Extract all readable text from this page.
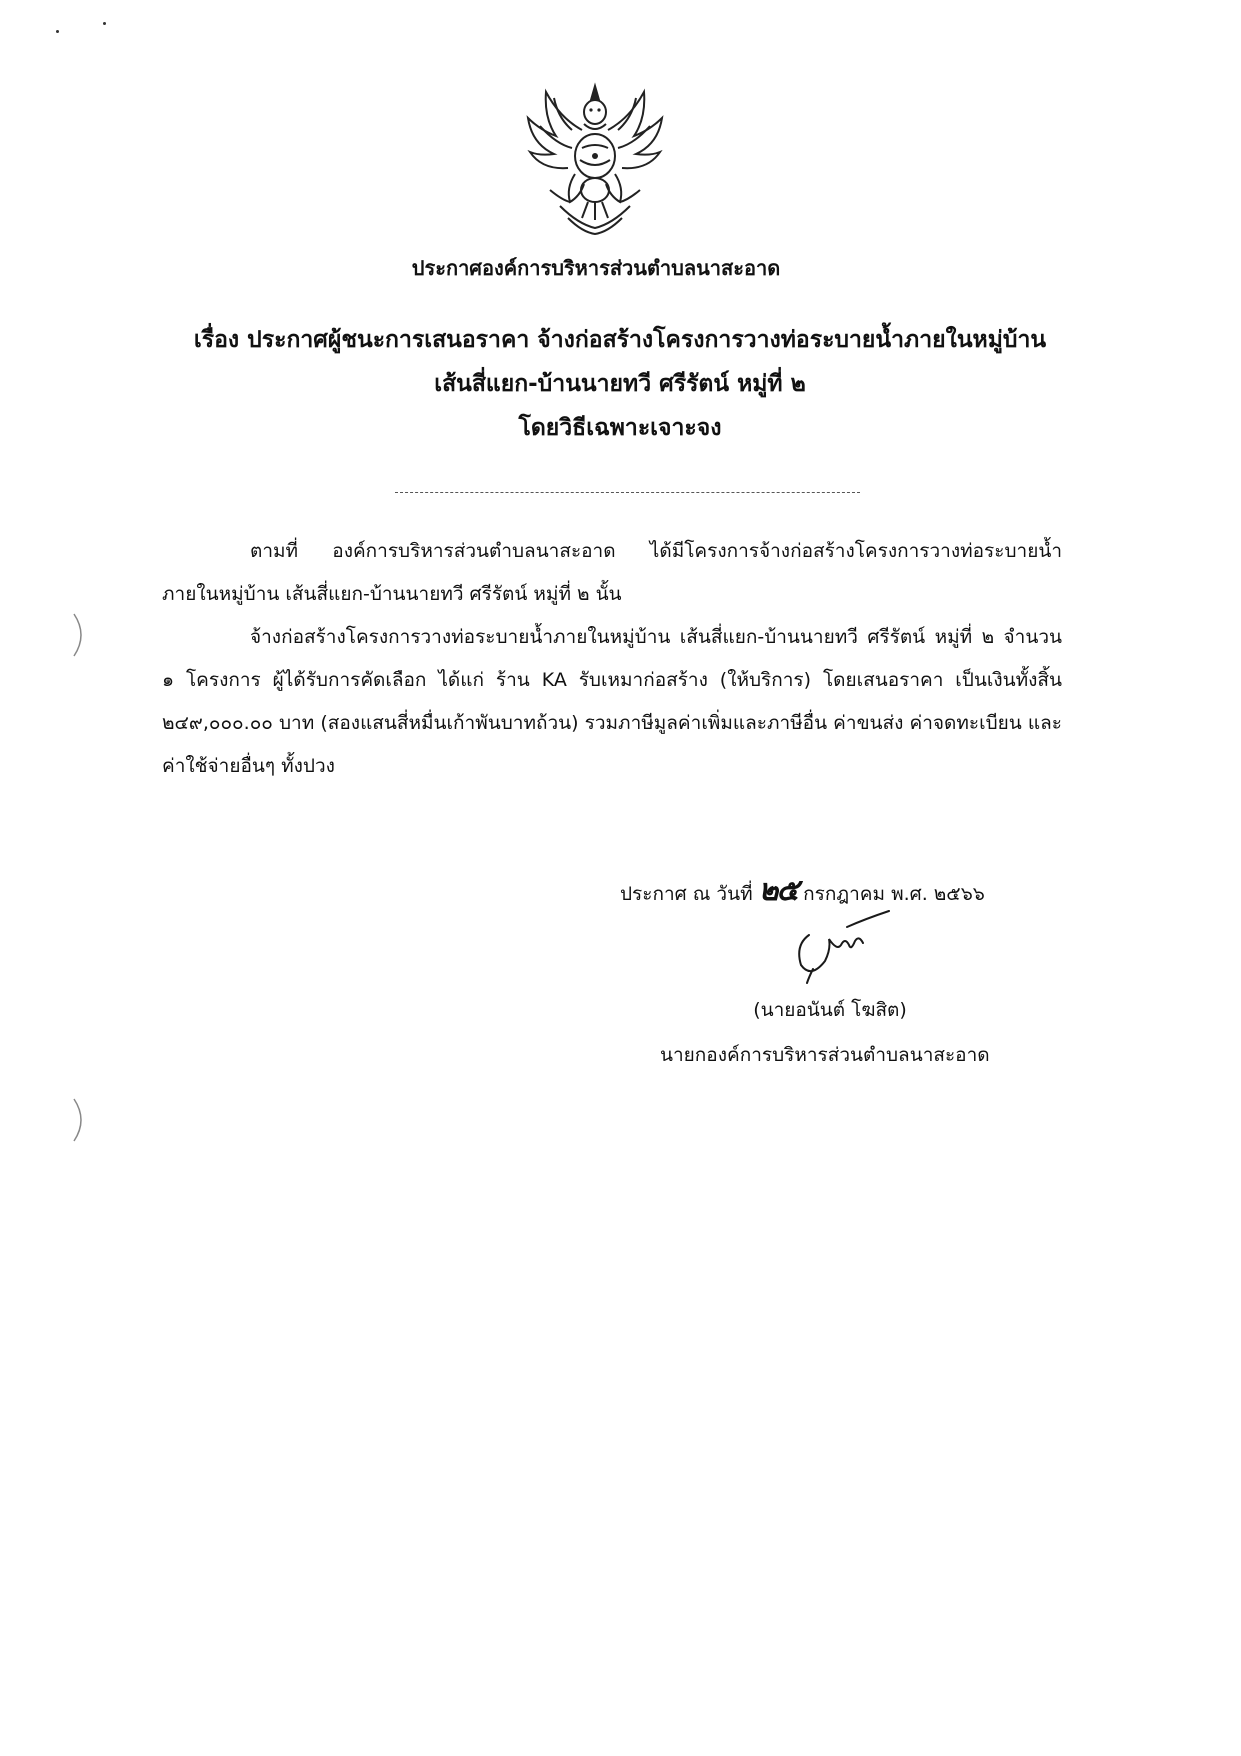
ประกาศองค์การบริหารส่วนตำบลนาสะอาด
เรื่อง ประกาศผู้ชนะการเสนอราคา จ้างก่อสร้างโครงการวางท่อระบายน้ำภายในหมู่บ้าน
เส้นสี่แยก-บ้านนายทวี ศรีรัตน์ หมู่ที่ ๒
โดยวิธีเฉพาะเจาะจง

ตามที่ องค์การบริหารส่วนตำบลนาสะอาด ได้มีโครงการจ้างก่อสร้างโครงการวางท่อระบายน้ำภายในหมู่บ้าน เส้นสี่แยก-บ้านนายทวี ศรีรัตน์ หมู่ที่ ๒ นั้น

จ้างก่อสร้างโครงการวางท่อระบายน้ำภายในหมู่บ้าน เส้นสี่แยก-บ้านนายทวี ศรีรัตน์ หมู่ที่ ๒ จำนวน ๑ โครงการ ผู้ได้รับการคัดเลือก ได้แก่ ร้าน KA รับเหมาก่อสร้าง (ให้บริการ) โดยเสนอราคา เป็นเงินทั้งสิ้น ๒๔๙,๐๐๐.๐๐ บาท (สองแสนสี่หมื่นเก้าพันบาทถ้วน) รวมภาษีมูลค่าเพิ่มและภาษีอื่น ค่าขนส่ง ค่าจดทะเบียน และค่าใช้จ่ายอื่นๆ ทั้งปวง

ประกาศ ณ วันที่ ๒๕ กรกฎาคม พ.ศ. ๒๕๖๖
(นายอนันต์ โฆสิต)
นายกองค์การบริหารส่วนตำบลนาสะอาด
